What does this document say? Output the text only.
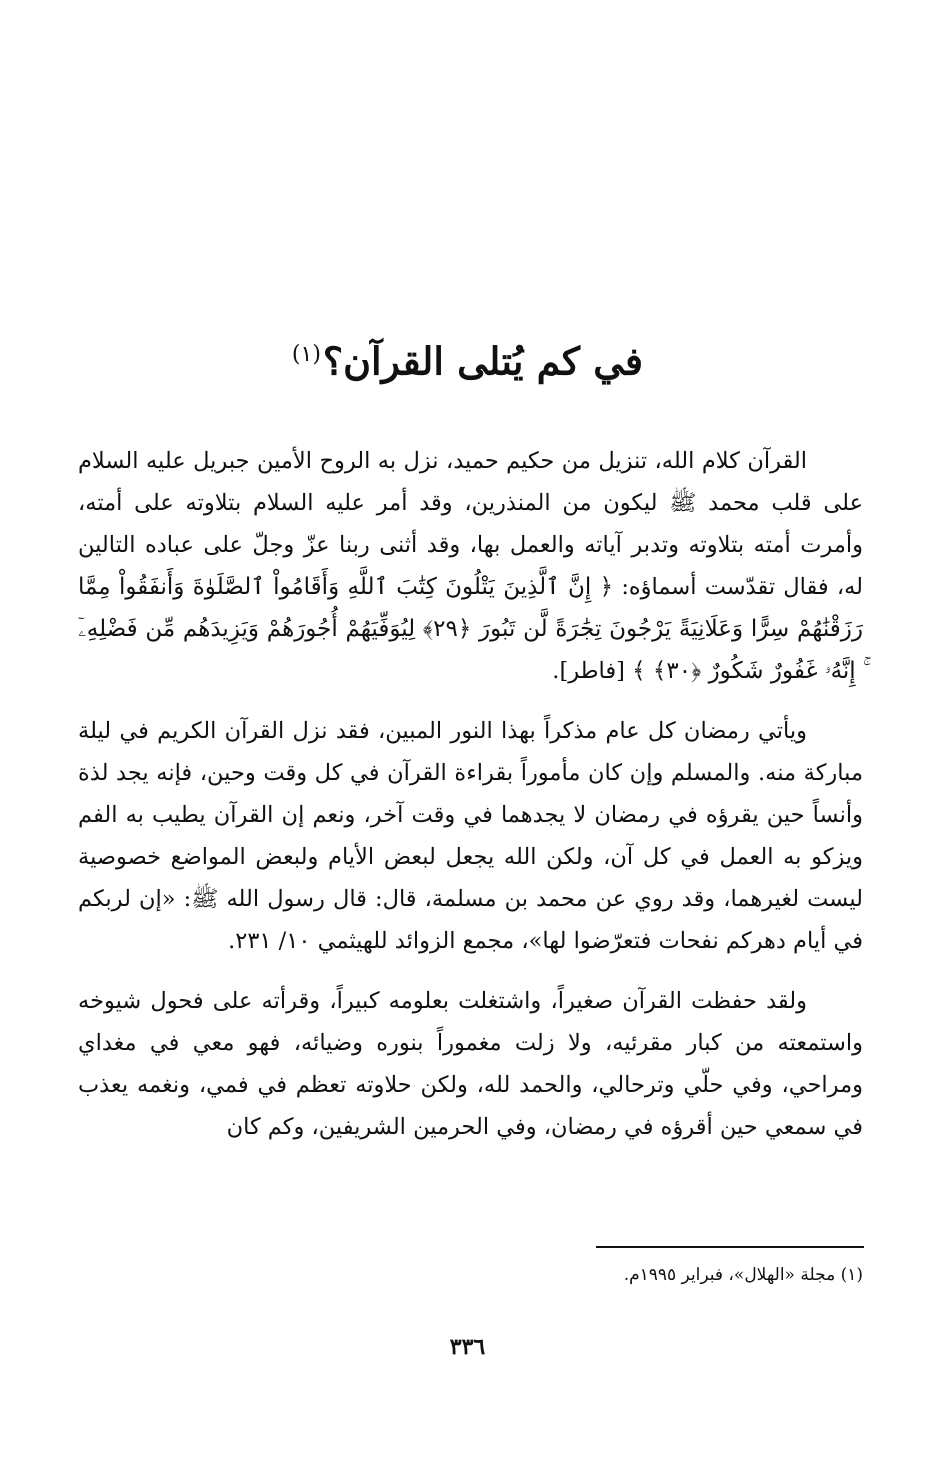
في كم يُتلى القرآن؟$^{(١)}$

القرآن كلام الله، تنزيل من حكيم حميد، نزل به الروح الأمين جبريل عليه السلام على قلب محمد ﷺ ليكون من المنذرين، وقد أمر عليه السلام بتلاوته على أمته، وأمرت أمته بتلاوته وتدبر آياته والعمل بها، وقد أثنى ربنا عزّ وجلّ على عباده التالين له، فقال تقدّست أسماؤه: ﴿ إِنَّ ٱلَّذِينَ يَتْلُونَ كِتَٰبَ ٱللَّهِ وَأَقَامُواْ ٱلصَّلَوٰةَ وَأَنفَقُواْ مِمَّا رَزَقْنَٰهُمْ سِرًّا وَعَلَانِيَةً يَرْجُونَ تِجَٰرَةً لَّن تَبُورَ ﴿٢٩﴾ لِيُوَفِّيَهُمْ أُجُورَهُمْ وَيَزِيدَهُم مِّن فَضْلِهِۦٓ ۚ إِنَّهُۥ غَفُورٌ شَكُورٌ ﴿٣٠﴾ ﴾ [فاطر].

ويأتي رمضان كل عام مذكراً بهذا النور المبين، فقد نزل القرآن الكريم في ليلة مباركة منه. والمسلم وإن كان مأموراً بقراءة القرآن في كل وقت وحين، فإنه يجد لذة وأنساً حين يقرؤه في رمضان لا يجدهما في وقت آخر، ونعم إن القرآن يطيب به الفم ويزكو به العمل في كل آن، ولكن الله يجعل لبعض الأيام ولبعض المواضع خصوصية ليست لغيرهما، وقد روي عن محمد بن مسلمة، قال: قال رسول الله ﷺ: «إن لربكم في أيام دهركم نفحات فتعرّضوا لها»، مجمع الزوائد للهيثمي ١٠/ ٢٣١.

ولقد حفظت القرآن صغيراً، واشتغلت بعلومه كبيراً، وقرأته على فحول شيوخه واستمعته من كبار مقرئيه، ولا زلت مغموراً بنوره وضيائه، فهو معي في مغداي ومراحي، وفي حلّي وترحالي، والحمد لله، ولكن حلاوته تعظم في فمي، ونغمه يعذب في سمعي حين أقرؤه في رمضان، وفي الحرمين الشريفين، وكم كان

(١) مجلة «الهلال»، فبراير ١٩٩٥م.
٣٣٦
